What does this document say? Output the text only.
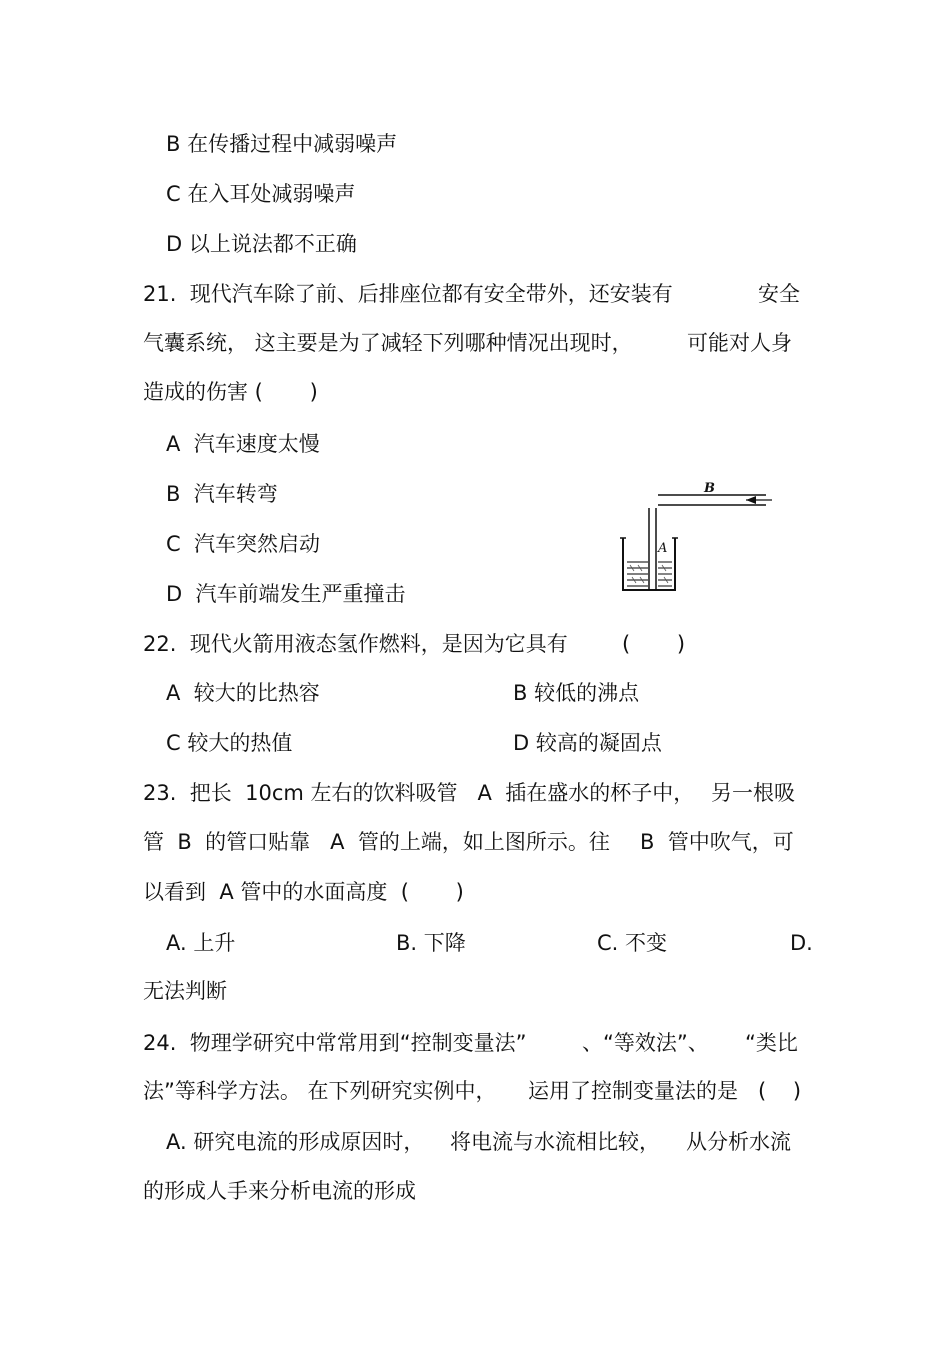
B 在传播过程中减弱噪声
C 在入耳处减弱噪声
D 以上说法都不正确
21.  现代汽车除了前、后排座位都有安全带外，还安装有	安全
气囊系统， 这主要是为了减轻下列哪种情况出现时，	可能对人身
造成的伤害 (       )
A  汽车速度太慢
B  汽车转弯
C  汽车突然启动
D  汽车前端发生严重撞击
B
A
22.  现代火箭用液态氢作燃料，是因为它具有	(       )
A  较大的比热容	B 较低的沸点
C 较大的热值	D 较高的凝固点
23.  把长  10cm 左右的饮料吸管   A  插在盛水的杯子中， 另一根吸
管  B  的管口贴靠   A  管的上端，如上图所示。往 B  管中吹气，可
以看到  A 管中的水面高度  (       )
A. 上升	B. 下降	C. 不变	D.
无法判断
24.  物理学研究中常常用到“控制变量法”	、“等效法”、 “类比
法”等科学方法。 在下列研究实例中， 运用了控制变量法的是   (    )
A. 研究电流的形成原因时， 将电流与水流相比较， 从分析水流
的形成人手来分析电流的形成
